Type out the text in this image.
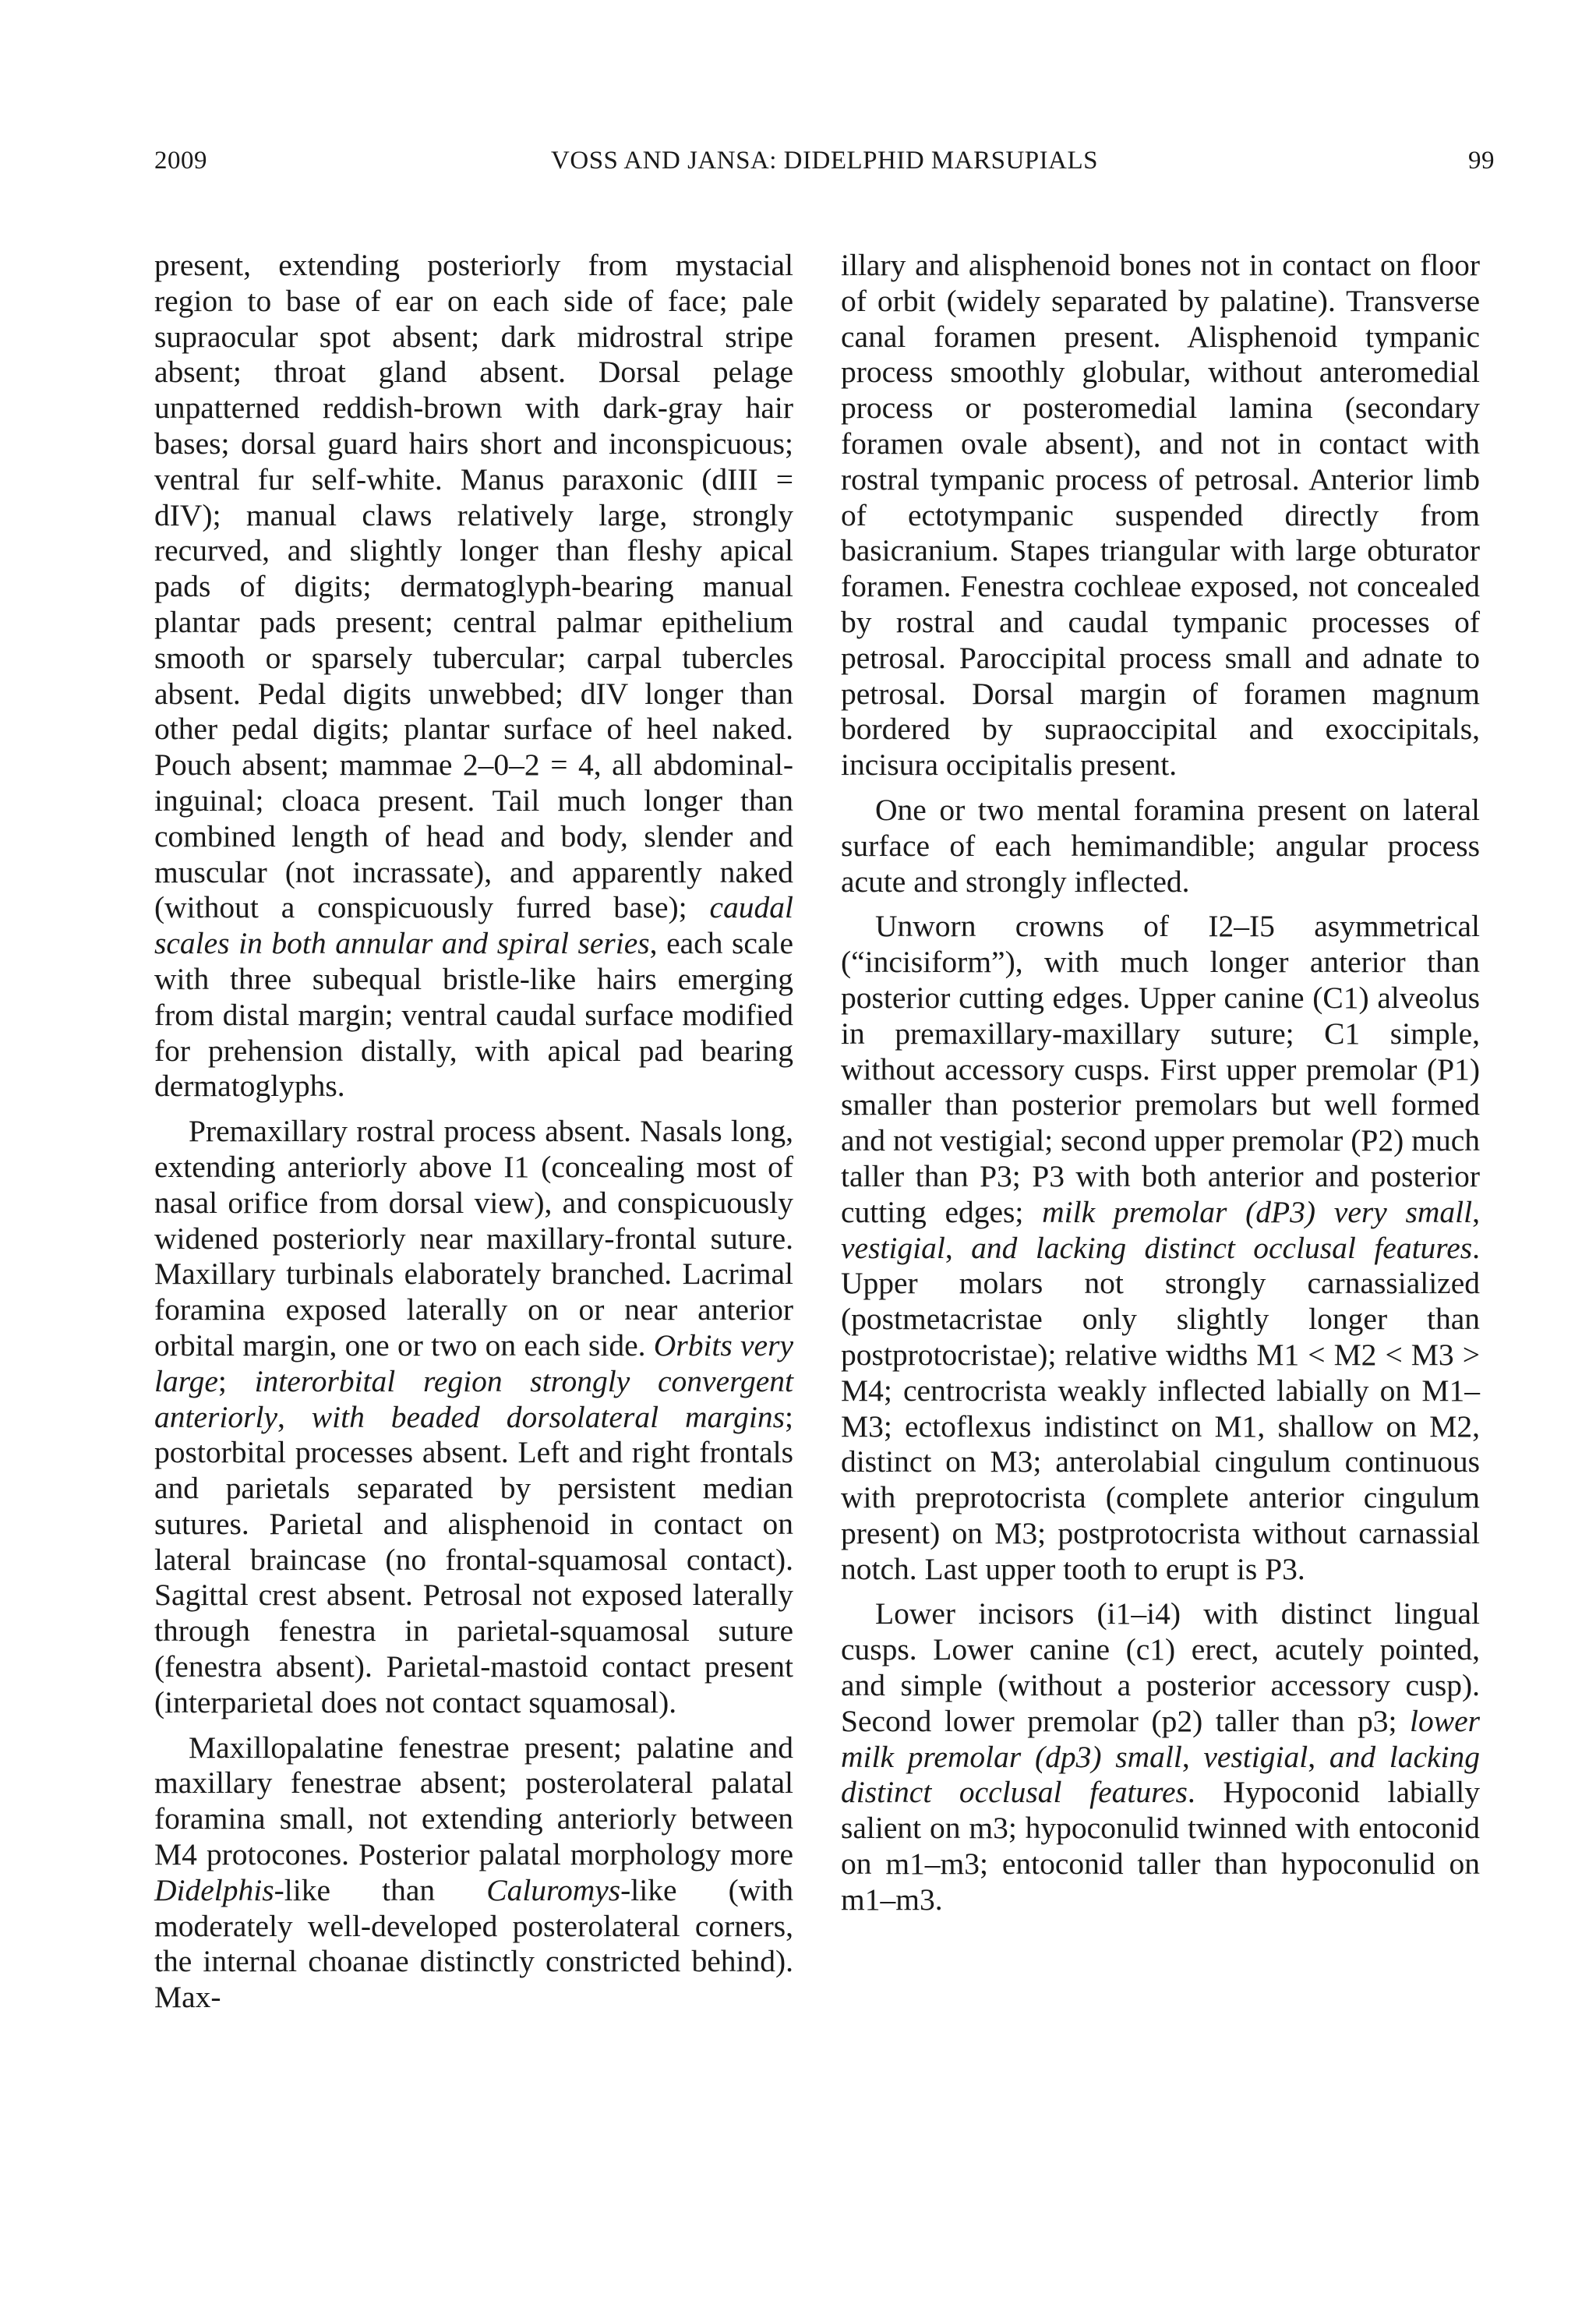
2009	VOSS AND JANSA: DIDELPHID MARSUPIALS	99

present, extending posteriorly from mystacial region to base of ear on each side of face; pale supraocular spot absent; dark midrostral stripe absent; throat gland absent. Dorsal pelage unpatterned reddish-brown with dark-gray hair bases; dorsal guard hairs short and inconspicuous; ventral fur self-white. Manus paraxonic (dIII = dIV); manual claws relatively large, strongly recurved, and slightly longer than fleshy apical pads of digits; dermatoglyph-bearing manual plantar pads present; central palmar epithelium smooth or sparsely tubercular; carpal tubercles absent. Pedal digits unwebbed; dIV longer than other pedal digits; plantar surface of heel naked. Pouch absent; mammae 2–0–2 = 4, all abdominal-inguinal; cloaca present. Tail much longer than combined length of head and body, slender and muscular (not incrassate), and apparently naked (without a conspicuously furred base); caudal scales in both annular and spiral series, each scale with three subequal bristle-like hairs emerging from distal margin; ventral caudal surface modified for prehension distally, with apical pad bearing dermatoglyphs.

Premaxillary rostral process absent. Nasals long, extending anteriorly above I1 (concealing most of nasal orifice from dorsal view), and conspicuously widened posteriorly near maxillary-frontal suture. Maxillary turbinals elaborately branched. Lacrimal foramina exposed laterally on or near anterior orbital margin, one or two on each side. Orbits very large; interorbital region strongly convergent anteriorly, with beaded dorsolateral margins; postorbital processes absent. Left and right frontals and parietals separated by persistent median sutures. Parietal and alisphenoid in contact on lateral braincase (no frontal-squamosal contact). Sagittal crest absent. Petrosal not exposed laterally through fenestra in parietal-squamosal suture (fenestra absent). Parietal-mastoid contact present (interparietal does not contact squamosal).

Maxillopalatine fenestrae present; palatine and maxillary fenestrae absent; posterolateral palatal foramina small, not extending anteriorly between M4 protocones. Posterior palatal morphology more Didelphis-like than Caluromys-like (with moderately well-developed posterolateral corners, the internal choanae distinctly constricted behind). Max-

illary and alisphenoid bones not in contact on floor of orbit (widely separated by palatine). Transverse canal foramen present. Alisphenoid tympanic process smoothly globular, without anteromedial process or posteromedial lamina (secondary foramen ovale absent), and not in contact with rostral tympanic process of petrosal. Anterior limb of ectotympanic suspended directly from basicranium. Stapes triangular with large obturator foramen. Fenestra cochleae exposed, not concealed by rostral and caudal tympanic processes of petrosal. Paroccipital process small and adnate to petrosal. Dorsal margin of foramen magnum bordered by supraoccipital and exoccipitals, incisura occipitalis present.

One or two mental foramina present on lateral surface of each hemimandible; angular process acute and strongly inflected.

Unworn crowns of I2–I5 asymmetrical (“incisiform”), with much longer anterior than posterior cutting edges. Upper canine (C1) alveolus in premaxillary-maxillary suture; C1 simple, without accessory cusps. First upper premolar (P1) smaller than posterior premolars but well formed and not vestigial; second upper premolar (P2) much taller than P3; P3 with both anterior and posterior cutting edges; milk premolar (dP3) very small, vestigial, and lacking distinct occlusal features. Upper molars not strongly carnassialized (postmetacristae only slightly longer than postprotocristae); relative widths M1 < M2 < M3 > M4; centrocrista weakly inflected labially on M1–M3; ectoflexus indistinct on M1, shallow on M2, distinct on M3; anterolabial cingulum continuous with preprotocrista (complete anterior cingulum present) on M3; postprotocrista without carnassial notch. Last upper tooth to erupt is P3.

Lower incisors (i1–i4) with distinct lingual cusps. Lower canine (c1) erect, acutely pointed, and simple (without a posterior accessory cusp). Second lower premolar (p2) taller than p3; lower milk premolar (dp3) small, vestigial, and lacking distinct occlusal features. Hypoconid labially salient on m3; hypoconulid twinned with entoconid on m1–m3; entoconid taller than hypoconulid on m1–m3.
